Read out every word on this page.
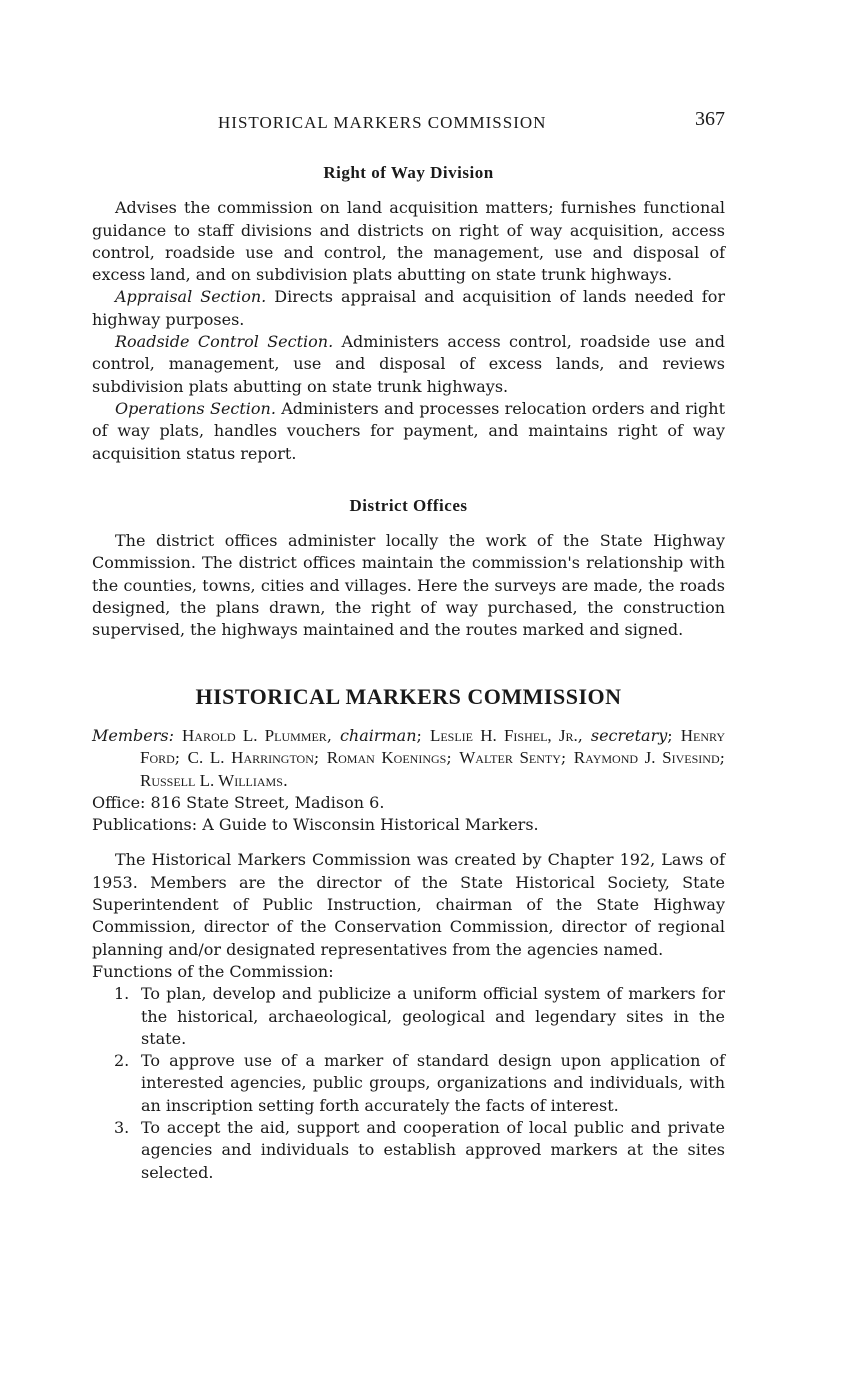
HISTORICAL MARKERS COMMISSION	367
Right of Way Division

Advises the commission on land acquisition matters; furnishes functional guidance to staff divisions and districts on right of way acquisition, access control, roadside use and control, the management, use and disposal of excess land, and on subdivision plats abutting on state trunk highways.

Appraisal Section. Directs appraisal and acquisition of lands needed for highway purposes.

Roadside Control Section. Administers access control, roadside use and control, management, use and disposal of excess lands, and reviews subdivision plats abutting on state trunk highways.

Operations Section. Administers and processes relocation orders and right of way plats, handles vouchers for payment, and maintains right of way acquisition status report.

District Offices

The district offices administer locally the work of the State Highway Commission. The district offices maintain the commission's relationship with the counties, towns, cities and villages. Here the surveys are made, the roads designed, the plans drawn, the right of way purchased, the construction supervised, the highways maintained and the routes marked and signed.

HISTORICAL MARKERS COMMISSION

Members: Harold L. Plummer, chairman; Leslie H. Fishel, Jr., secretary; Henry Ford; C. L. Harrington; Roman Koenings; Walter Senty; Raymond J. Sivesind; Russell L. Williams.

Office: 816 State Street, Madison 6.

Publications: A Guide to Wisconsin Historical Markers.

The Historical Markers Commission was created by Chapter 192, Laws of 1953. Members are the director of the State Historical Society, State Superintendent of Public Instruction, chairman of the State Highway Commission, director of the Conservation Commission, director of regional planning and/or designated representatives from the agencies named.

Functions of the Commission:

1. To plan, develop and publicize a uniform official system of markers for the historical, archaeological, geological and legendary sites in the state.
2. To approve use of a marker of standard design upon application of interested agencies, public groups, organizations and individuals, with an inscription setting forth accurately the facts of interest.
3. To accept the aid, support and cooperation of local public and private agencies and individuals to establish approved markers at the sites selected.
